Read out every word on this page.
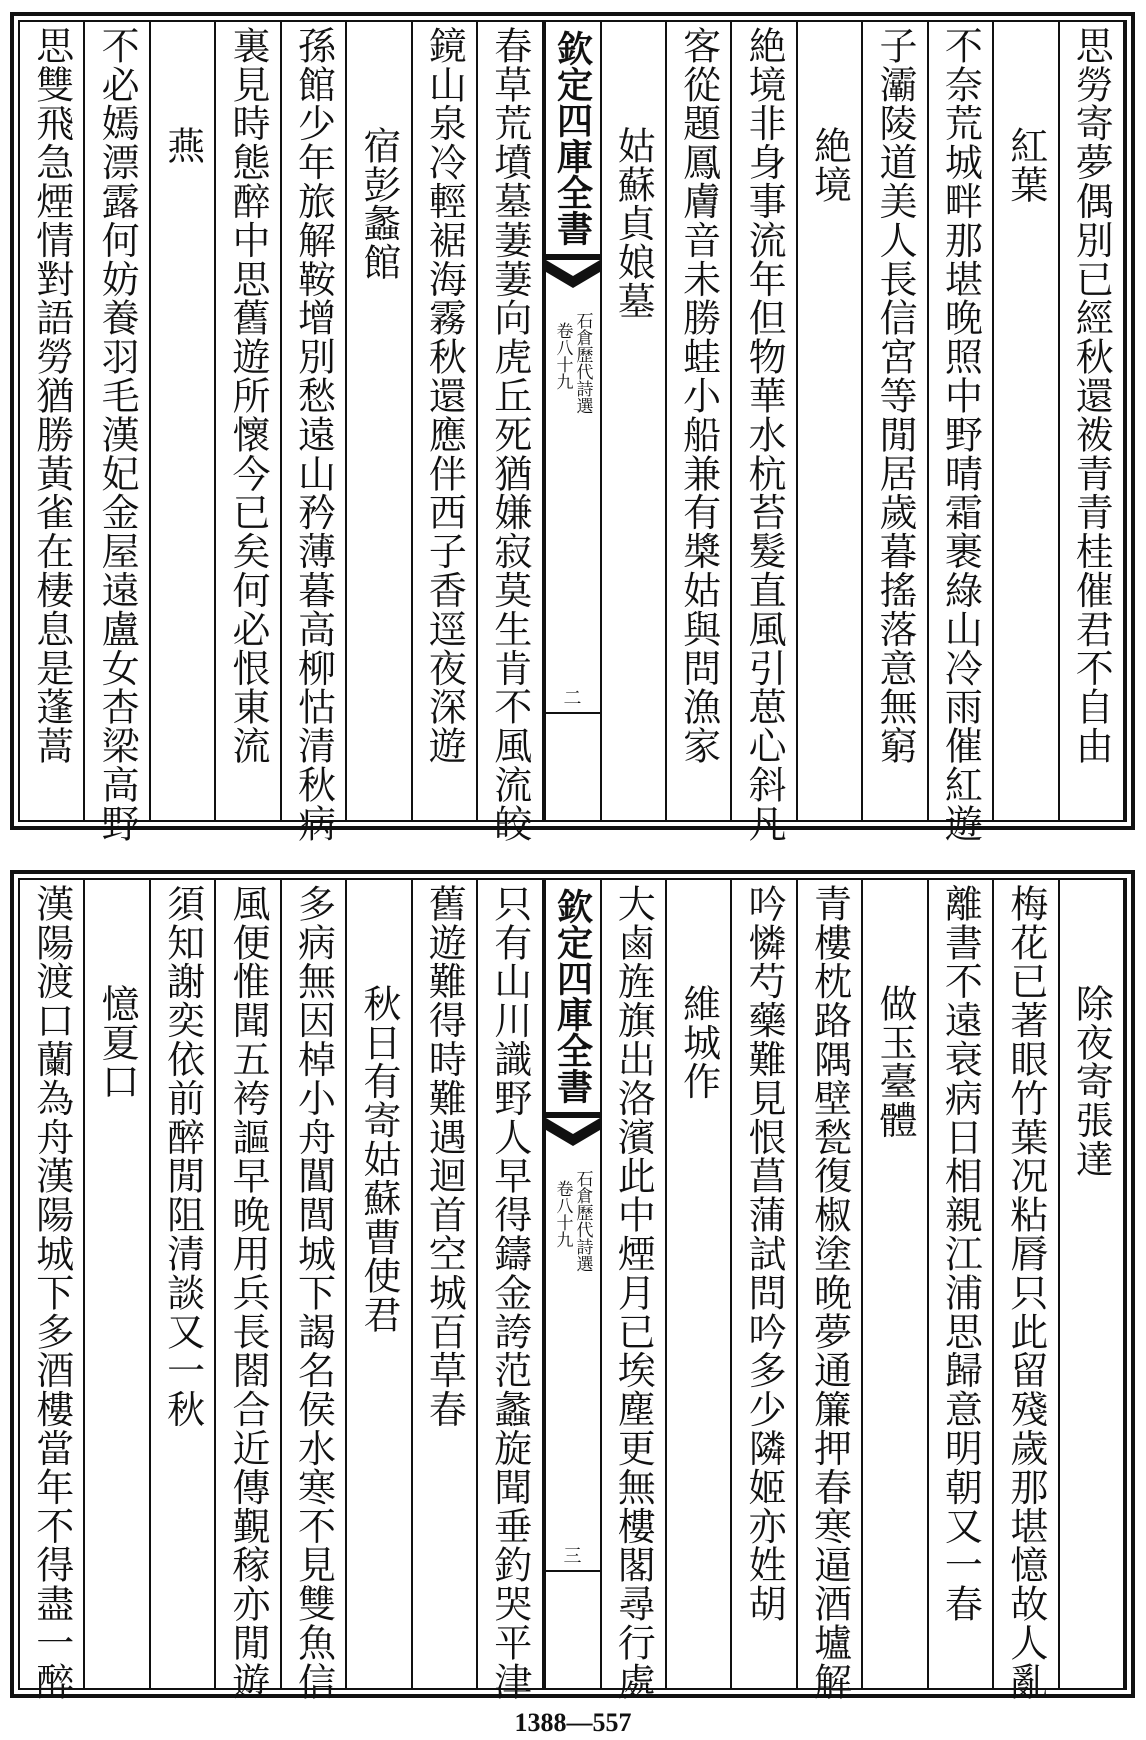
春草荒墳墓萋萋向虎丘死猶嫌寂莫生肯不風流皎
鏡山泉冷輕裾海霧秋還應伴西子香逕夜深遊
宿彭蠡館
孫館少年旅解鞍增別愁遠山矜薄暮高柳怙清秋病
裏見時態醉中思舊遊所懷今已矣何必恨東流
燕
不必嫣漂露何妨養羽毛漢妃金屋遠盧女杏梁高野
思雙飛急煙情對語勞猶勝黃雀在棲息是蓬蒿	思勞寄夢偶別已經秋還袯青青桂催君不自由
紅葉
不奈荒城畔那堪晚照中野晴霜裹綠山冷雨催紅遊
子灞陵道美人長信宮等閒居歲暮搖落意無窮
絶境
絶境非身事流年但物華水杭苔髮直風引葸心斜凡
客從題鳳膚音未勝蛙小船兼有槳姑與問漁家
姑蘇貞娘墓
欽定四庫全書
石倉歷代詩選
卷八十九
二
只有山川識野人早得鑄金誇范蠡旋聞垂釣哭平津
舊遊難得時難遇迴首空城百草春
秋日有寄姑蘇曹使君
多病無因棹小舟閶閭城下謁名侯水寒不見雙魚信
風便惟聞五袴謳早晚用兵長閤合近傳覲稼亦閒遊
須知謝奕依前醉閒阻清談又一秋
憶夏口
漢陽渡口蘭為舟漢陽城下多酒樓當年不得盡一醉	除夜寄張達
梅花已著眼竹葉况粘脣只此留殘歲那堪憶故人亂
離書不遠衰病日相親江浦思歸意明朝又一春
做玉臺體
青樓枕路隅壁甃復椒塗晚夢通簾押春寒逼酒壚解
吟憐芍藥難見恨菖蒲試問吟多少隣姬亦姓胡
維城作
大鹵旌旗出洛濱此中煙月已埃塵更無樓閣尋行處
欽定四庫全書
石倉歷代詩選
卷八十九
三
1388—557
